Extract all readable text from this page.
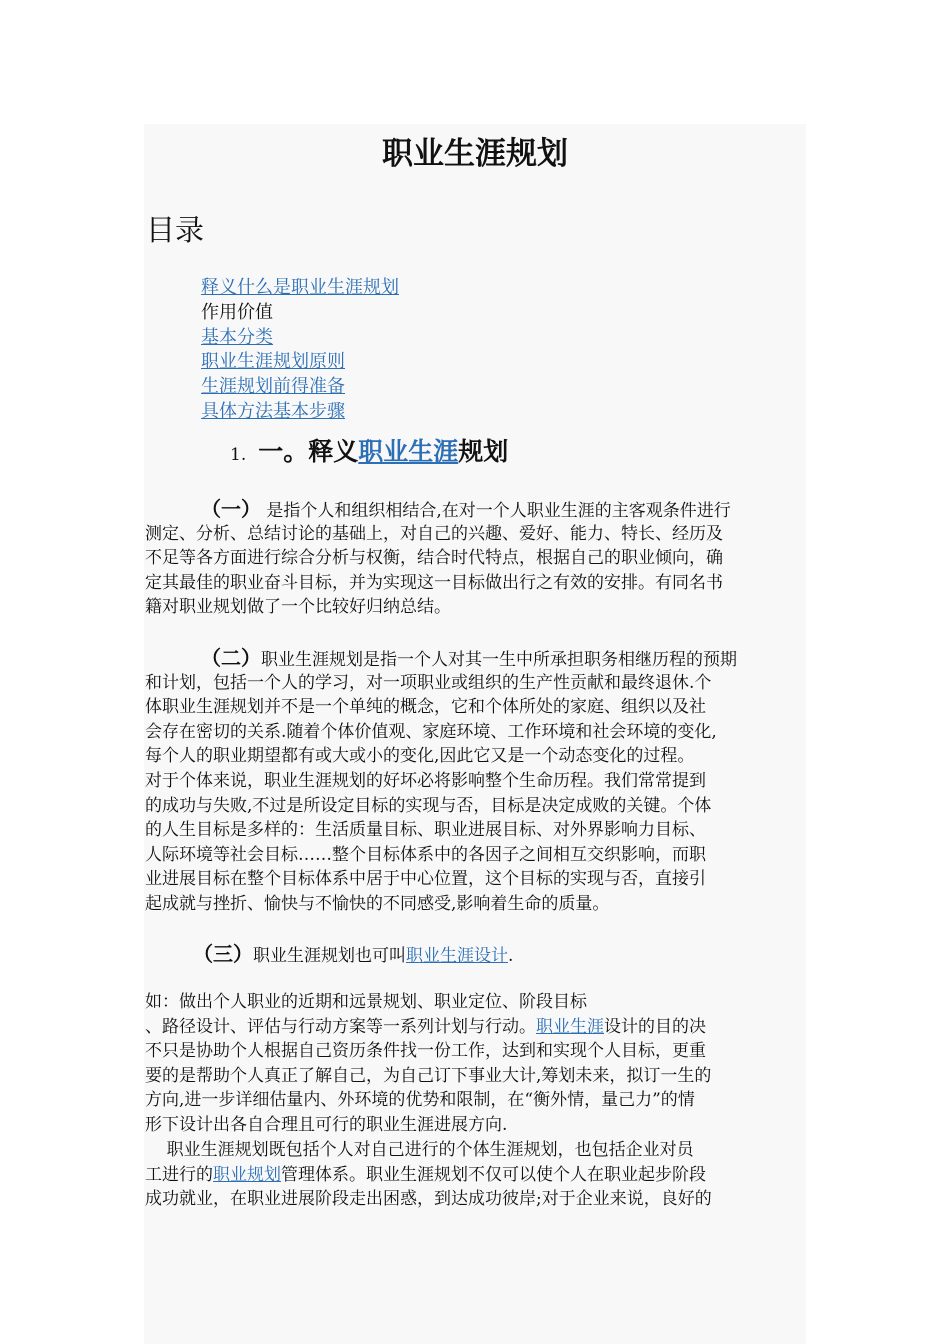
职业生涯规划
目录
释义什么是职业生涯规划
作用价值
基本分类
职业生涯规划原则
生涯规划前得准备
具体方法基本步骤
1. 一。释义职业生涯规划
（一） 是指个人和组织相结合,在对一个人职业生涯的主客观条件进行
测定、分析、总结讨论的基础上，对自己的兴趣、爱好、能力、特长、经历及
不足等各方面进行综合分析与权衡，结合时代特点，根据自己的职业倾向，确
定其最佳的职业奋斗目标，并为实现这一目标做出行之有效的安排。有同名书
籍对职业规划做了一个比较好归纳总结。
（二）职业生涯规划是指一个人对其一生中所承担职务相继历程的预期
和计划，包括一个人的学习，对一项职业或组织的生产性贡献和最终退休.个
体职业生涯规划并不是一个单纯的概念，它和个体所处的家庭、组织以及社
会存在密切的关系.随着个体价值观、家庭环境、工作环境和社会环境的变化,
每个人的职业期望都有或大或小的变化,因此它又是一个动态变化的过程。
对于个体来说，职业生涯规划的好坏必将影响整个生命历程。我们常常提到
的成功与失败,不过是所设定目标的实现与否，目标是决定成败的关键。个体
的人生目标是多样的：生活质量目标、职业进展目标、对外界影响力目标、
人际环境等社会目标……整个目标体系中的各因子之间相互交织影响，而职
业进展目标在整个目标体系中居于中心位置，这个目标的实现与否，直接引
起成就与挫折、愉快与不愉快的不同感受,影响着生命的质量。
（三）职业生涯规划也可叫职业生涯设计.
如：做出个人职业的近期和远景规划、职业定位、阶段目标
、路径设计、评估与行动方案等一系列计划与行动。职业生涯设计的目的决
不只是协助个人根据自己资历条件找一份工作，达到和实现个人目标，更重
要的是帮助个人真正了解自己，为自己订下事业大计,筹划未来，拟订一生的
方向,进一步详细估量内、外环境的优势和限制，在“衡外情，量己力”的情
形下设计出各自合理且可行的职业生涯进展方向.
职业生涯规划既包括个人对自己进行的个体生涯规划，也包括企业对员
工进行的职业规划管理体系。职业生涯规划不仅可以使个人在职业起步阶段
成功就业，在职业进展阶段走出困惑，到达成功彼岸;对于企业来说，良好的
